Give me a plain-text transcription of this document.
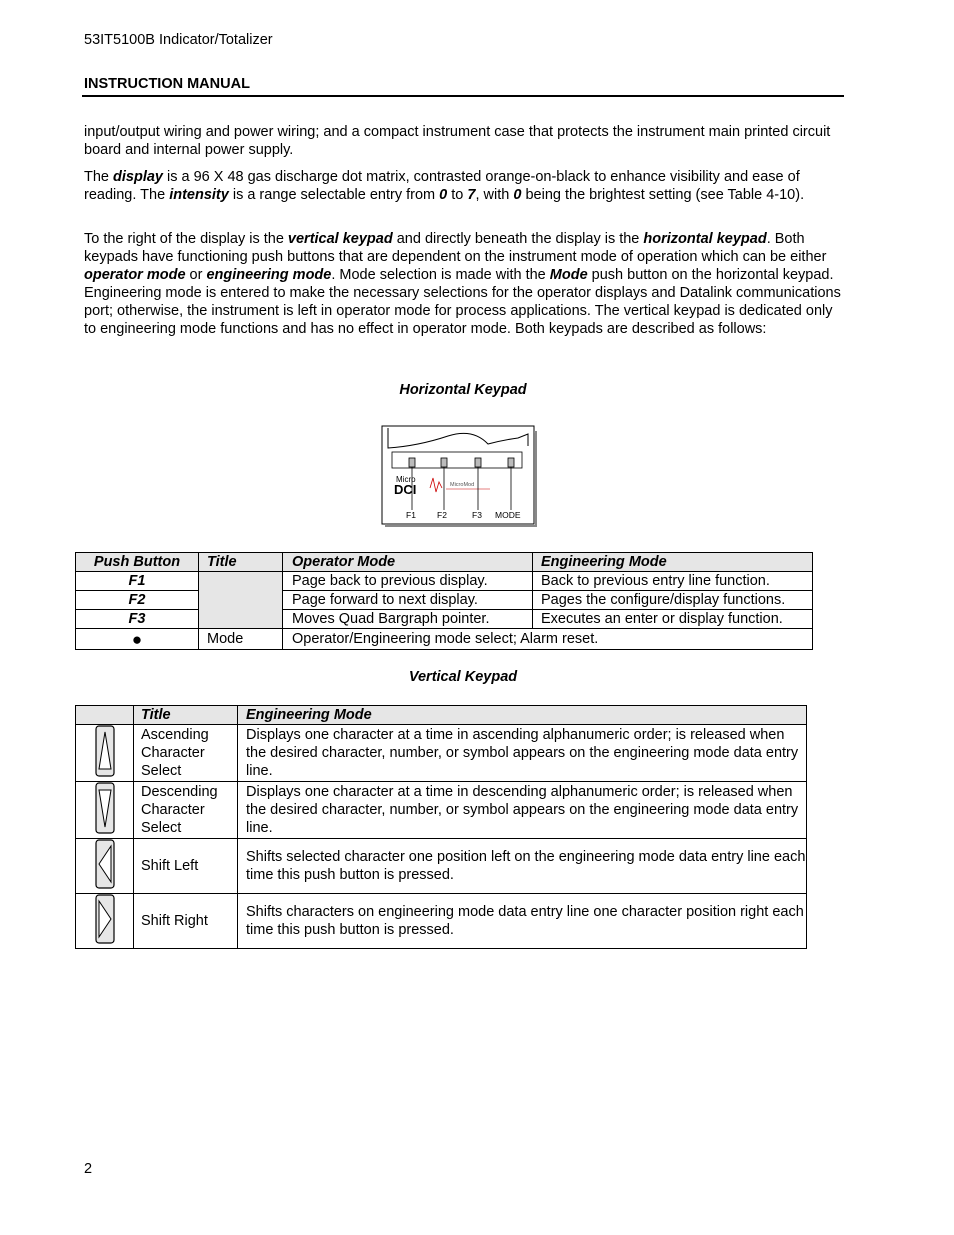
53IT5100B Indicator/Totalizer
INSTRUCTION MANUAL
input/output wiring and power wiring; and a compact instrument case that protects the instrument main printed circuit board and internal power supply.
The display is a 96 X 48 gas discharge dot matrix, contrasted orange-on-black to enhance visibility and ease of reading. The intensity is a range selectable entry from 0 to 7, with 0 being the brightest setting (see Table 4-10).
To the right of the display is the vertical keypad and directly beneath the display is the horizontal keypad. Both keypads have functioning push buttons that are dependent on the instrument mode of operation which can be either operator mode or engineering mode. Mode selection is made with the Mode push button on the horizontal keypad. Engineering mode is entered to make the necessary selections for the operator displays and Datalink communications port; otherwise, the instrument is left in operator mode for process applications. The vertical keypad is dedicated only to engineering mode functions and has no effect in operator mode. Both keypads are described as follows:
Horizontal Keypad
Micro
DCI	MicroMod
F1 F2	F3 MODE
Push Button	Title	Operator Mode	Engineering Mode
F1		Page back to previous display.	Back to previous entry line function.
F2		Page forward to next display.	Pages the configure/display functions.
F3		Moves Quad Bargraph pointer.	Executes an enter or display function.
●	Mode	Operator/Engineering mode select; Alarm reset.	
Vertical Keypad
	Title	Engineering Mode
	Ascending Character Select	Displays one character at a time in ascending alphanumeric order; is released when the desired character, number, or symbol appears on the engineering mode data entry line.
	Descending Character Select	Displays one character at a time in descending alphanumeric order; is released when the desired character, number, or symbol appears on the engineering mode data entry line.
	Shift Left	Shifts selected character one position left on the engineering mode data entry line each time this push button is pressed.
	Shift Right	Shifts characters on engineering mode data entry line one character position right each time this push button is pressed.
2
